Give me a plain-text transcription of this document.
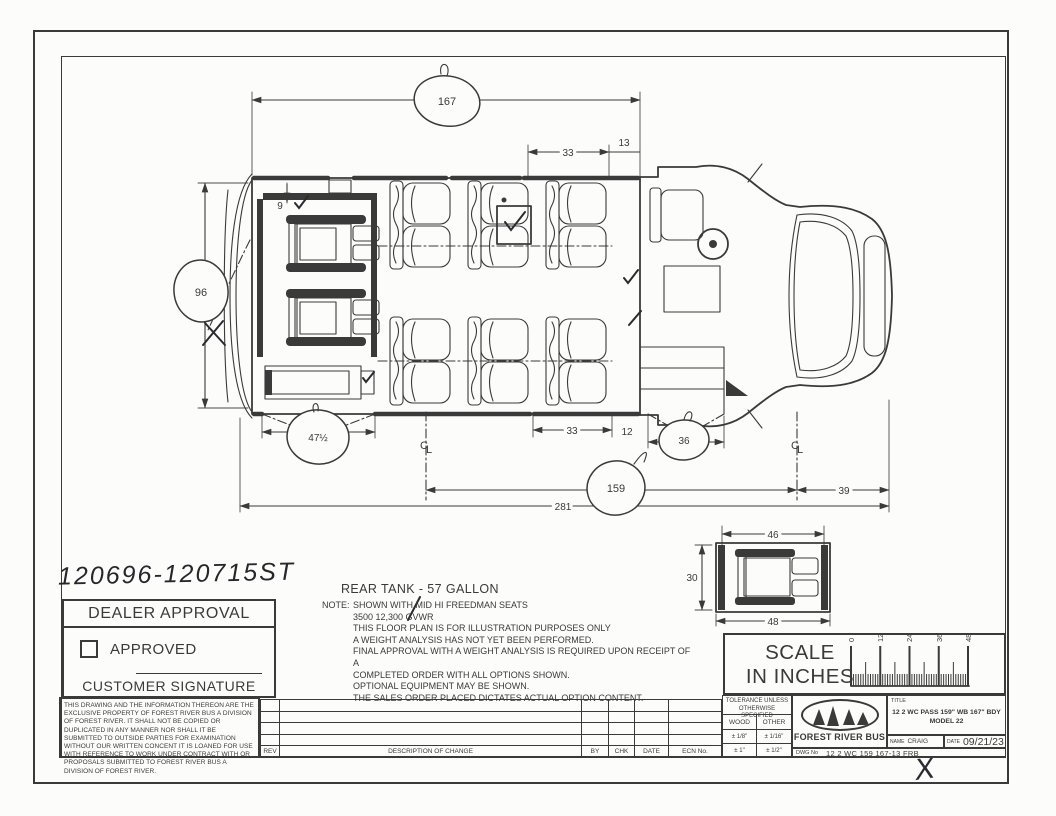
167
96
33
13
9
33	12
36
47½
159	39
281
C
L	C
L
46
30
48
0	12	24	36	48
X
120696-120715ST	REAR TANK - 57 GALLON
NOTE: SHOWN WITH MID HI FREEDMAN SEATS
3500 12,300 GVWR
THIS FLOOR PLAN IS FOR ILLUSTRATION PURPOSES ONLY
A WEIGHT ANALYSIS HAS NOT YET BEEN PERFORMED.
FINAL APPROVAL WITH A WEIGHT ANALYSIS IS REQUIRED UPON RECEIPT OF A
COMPLETED ORDER WITH ALL OPTIONS SHOWN.
OPTIONAL EQUIPMENT MAY BE SHOWN.
THE SALES ORDER PLACED DICTATES ACTUAL OPTION CONTENT.
DEALER APPROVAL
APPROVED
CUSTOMER SIGNATURE
THIS DRAWING AND THE INFORMATION THEREON ARE THE EXCLUSIVE PROPERTY OF FOREST RIVER BUS A DIVISION OF FOREST RIVER. IT SHALL NOT BE COPIED OR DUPLICATED IN ANY MANNER NOR SHALL IT BE SUBMITTED TO OUTSIDE PARTIES FOR EXAMINATION WITHOUT OUR WRITTEN CONCENT IT IS LOANED FOR USE WITH REFERENCE TO WORK UNDER CONTRACT WITH OR PROPOSALS SUBMITTED TO FOREST RIVER BUS A DIVISION OF FOREST RIVER.
REV	DESCRIPTION OF CHANGE	BY	CHK	DATE	ECN No.
TOLERANCE UNLESS
OTHERWISE SPECIFIED
WOOD	OTHER
± 1/8"	± 1/16"
± 1"	± 1/2"
FOREST RIVER BUS
DWG No 12 2 WC 159 167-13 FRB
TITLE
12 2 WC PASS 159" WB 167" BDY
MODEL 22
NAME CRAIG	DATE 09/21/23
SCALE
IN INCHES
